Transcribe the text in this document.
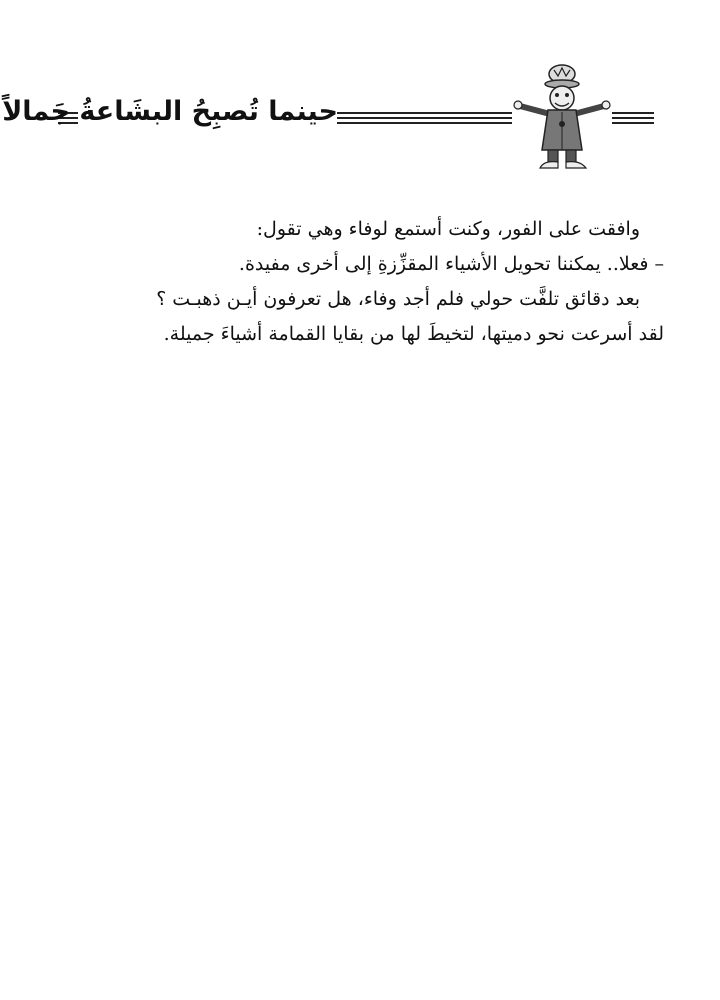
حينما تُصبِحُ البشَاعةُ جَمالاً

وافقت على الفور، وكنت أستمع لوفاء وهي تقول:

– فعلا.. يمكننا تحويل الأشياء المقزِّزةِ إلى أخرى مفيدة.

بعد دقائق تلفَّت حولي فلم أجد وفاء، هل تعرفون أيـن ذهبـت ؟

لقد أسرعت نحو دميتها، لتخيطَ لها من بقايا القمامة أشياءَ جميلة.
